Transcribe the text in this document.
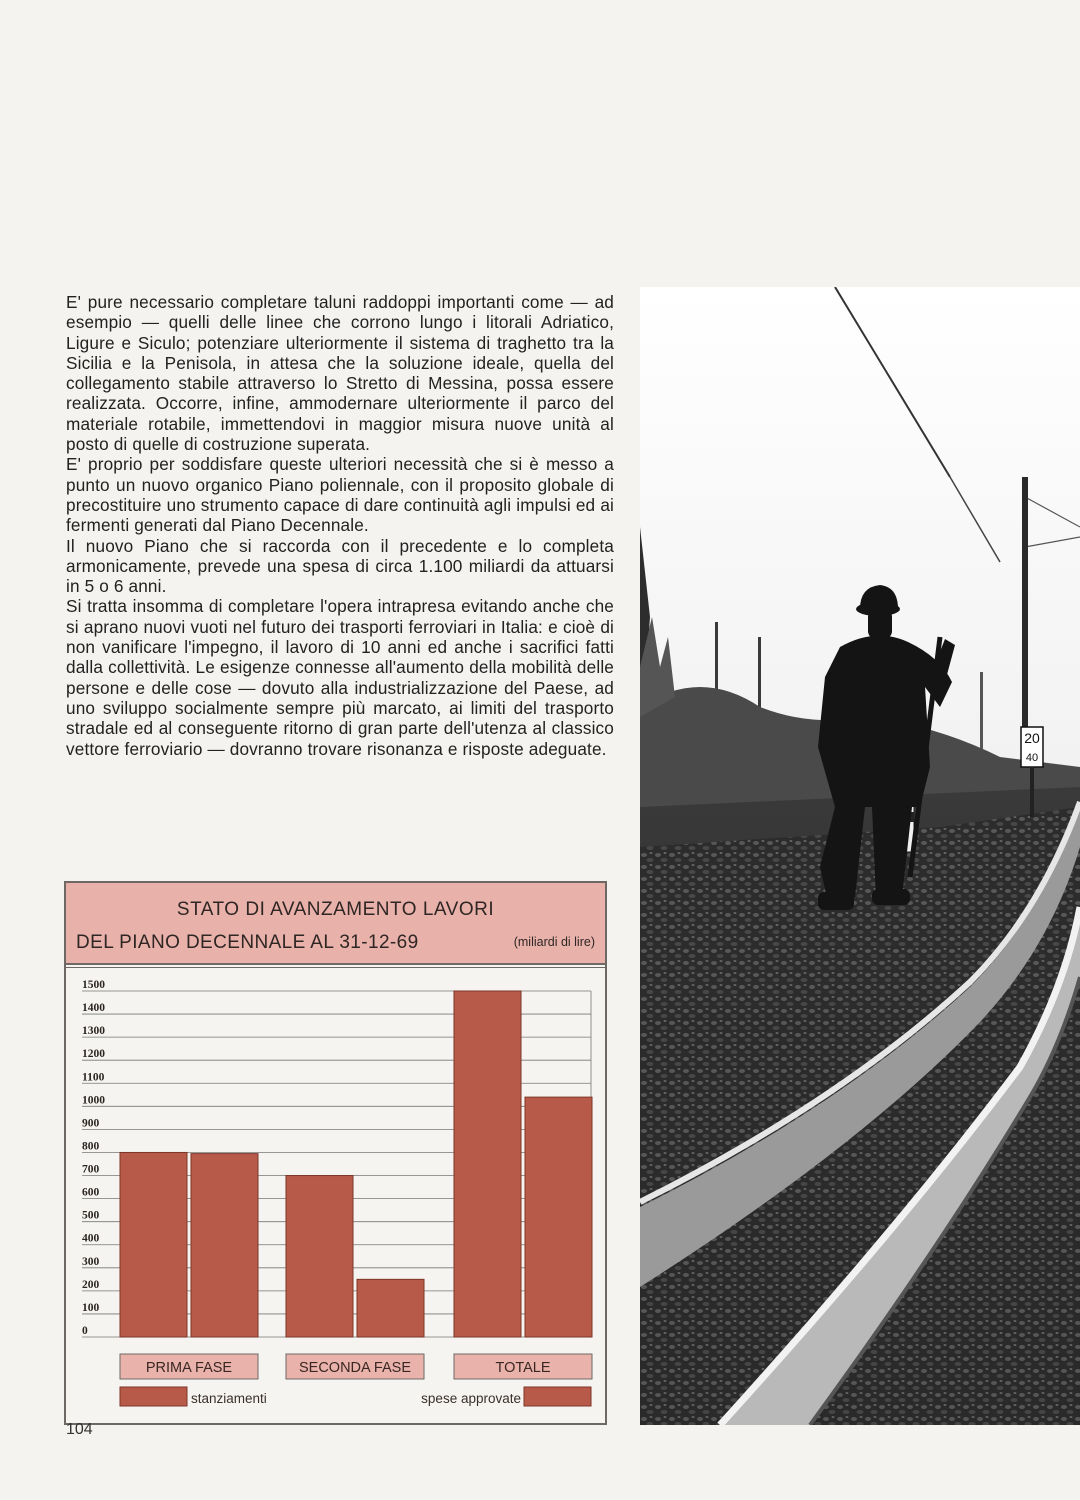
E' pure necessario completare taluni raddoppi importanti come — ad esempio — quelli delle linee che corrono lungo i litorali Adriatico, Ligure e Siculo; potenziare ulteriormente il sistema di traghetto tra la Sicilia e la Penisola, in attesa che la soluzione ideale, quella del collegamento stabile attraverso lo Stretto di Messina, possa essere realizzata. Occorre, infine, ammodernare ulteriormente il parco del materiale rotabile, immettendovi in maggior misura nuove unità al posto di quelle di costruzione superata.

E' proprio per soddisfare queste ulteriori necessità che si è messo a punto un nuovo organico Piano poliennale, con il proposito globale di precostituire uno strumento capace di dare continuità agli impulsi ed ai fermenti generati dal Piano Decennale.

Il nuovo Piano che si raccorda con il precedente e lo completa armonicamente, prevede una spesa di circa 1.100 miliardi da attuarsi in 5 o 6 anni.

Si tratta insomma di completare l'opera intrapresa evitando anche che si aprano nuovi vuoti nel futuro dei trasporti ferroviari in Italia: e cioè di non vanificare l'impegno, il lavoro di 10 anni ed anche i sacrifici fatti dalla collettività. Le esigenze connesse all'aumento della mobilità delle persone e delle cose — dovuto alla industrializzazione del Paese, ad uno sviluppo socialmente sempre più marcato, ai limiti del trasporto stradale ed al conseguente ritorno di gran parte dell'utenza al classico vettore ferroviario — dovranno trovare risonanza e risposte adeguate.

STATO DI AVANZAMENTO LAVORI
DEL PIANO DECENNALE AL 31-12-69	(miliardi di lire)
1500
1400
1300
1200
1100
1000
900
800
700
600
500
400
300
200
100
0
PRIMA FASE	SECONDA FASE	TOTALE
stanziamenti	spese approvate
20
40
104
